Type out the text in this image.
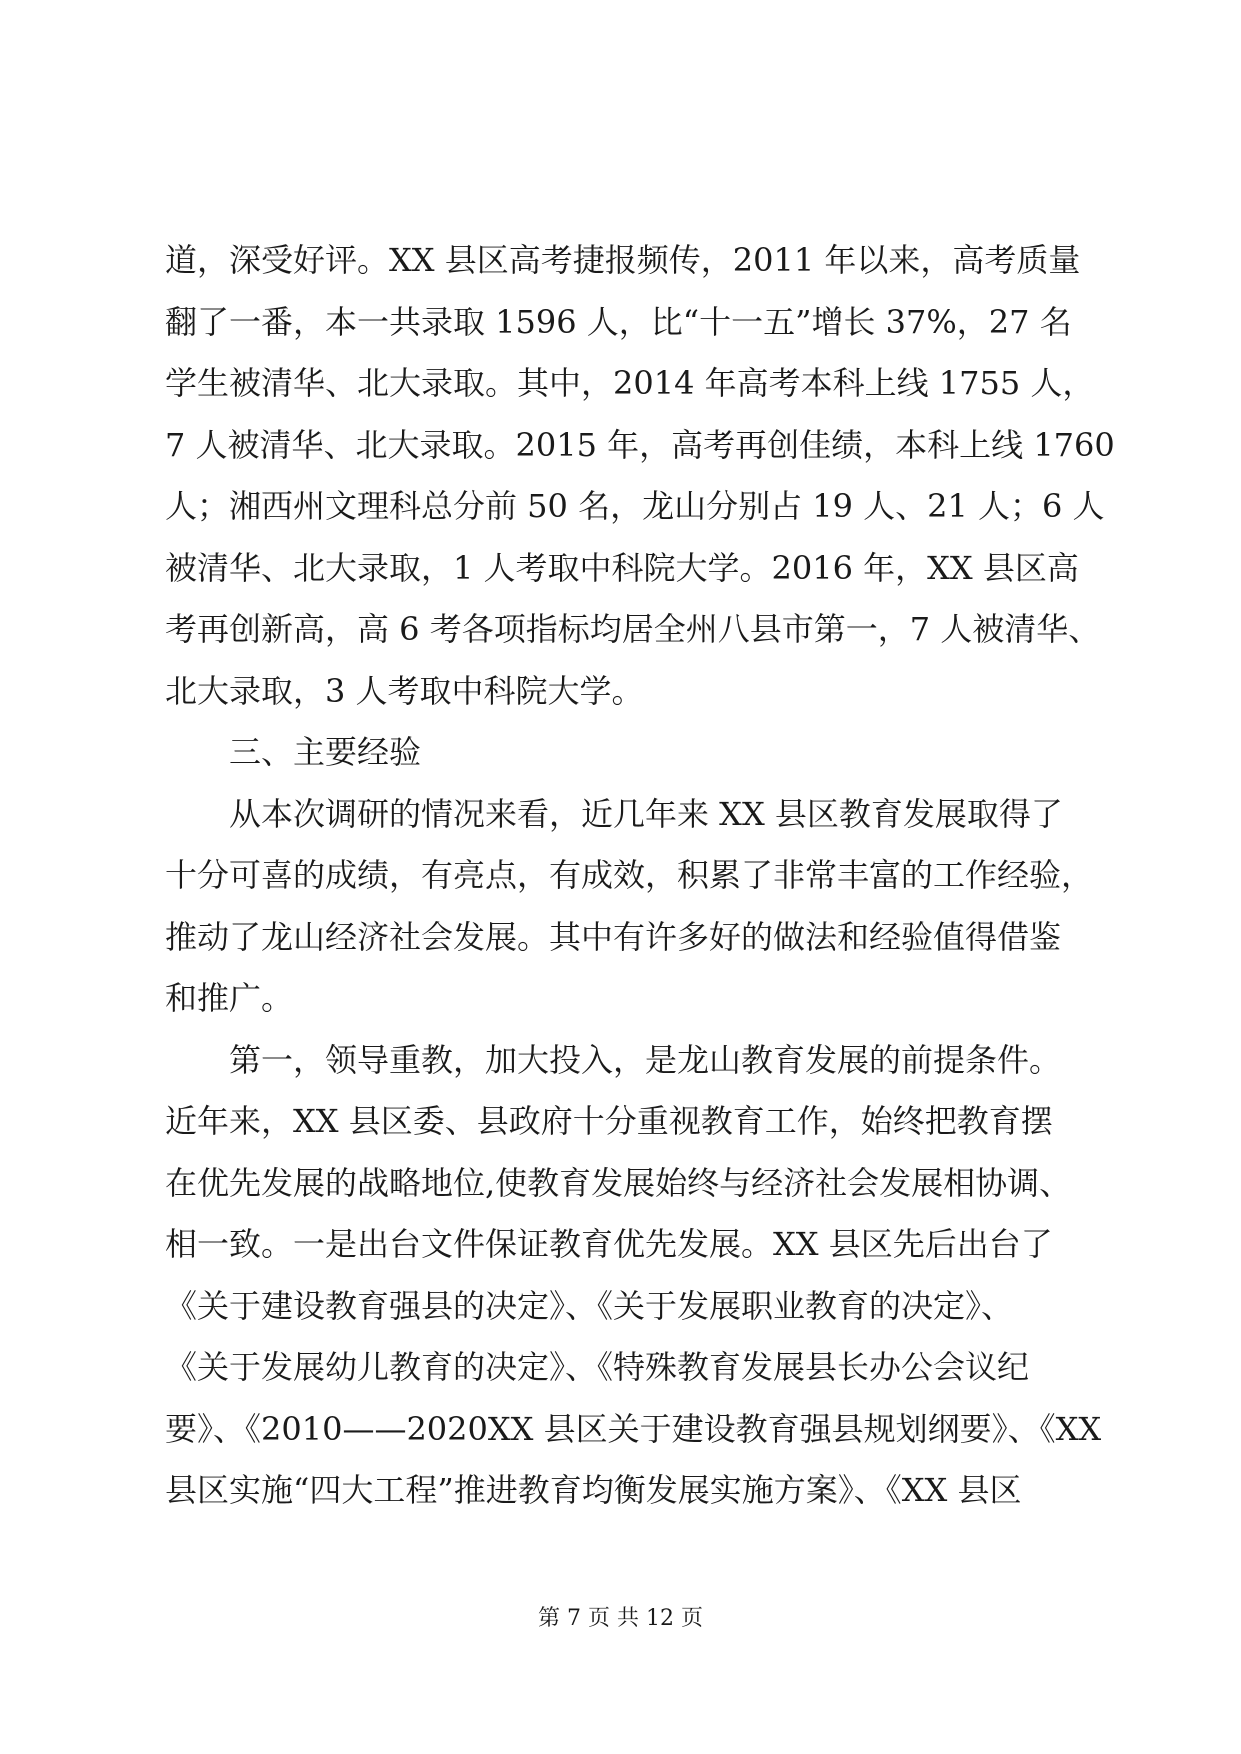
道，深受好评。XX 县区高考捷报频传，2011 年以来，高考质量
翻了一番，本一共录取 1596 人，比“十一五”增长 37%，27 名
学生被清华、北大录取。其中，2014 年高考本科上线 1755 人，
7 人被清华、北大录取。2015 年，高考再创佳绩，本科上线 1760
人；湘西州文理科总分前 50 名，龙山分别占 19 人、21 人；6 人
被清华、北大录取，1 人考取中科院大学。2016 年，XX 县区高
考再创新高，高 6 考各项指标均居全州八县市第一，7 人被清华、
北大录取，3 人考取中科院大学。
三、主要经验
从本次调研的情况来看，近几年来 XX 县区教育发展取得了
十分可喜的成绩，有亮点，有成效，积累了非常丰富的工作经验，
推动了龙山经济社会发展。其中有许多好的做法和经验值得借鉴
和推广。
第一，领导重教，加大投入，是龙山教育发展的前提条件。
近年来，XX 县区委、县政府十分重视教育工作，始终把教育摆
在优先发展的战略地位,使教育发展始终与经济社会发展相协调、
相一致。一是出台文件保证教育优先发展。XX 县区先后出台了
《关于建设教育强县的决定》、《关于发展职业教育的决定》、
《关于发展幼儿教育的决定》、《特殊教育发展县长办公会议纪
要》、《2010——2020XX 县区关于建设教育强县规划纲要》、《XX
县区实施“四大工程”推进教育均衡发展实施方案》、《XX 县区
第 7 页 共 12 页
